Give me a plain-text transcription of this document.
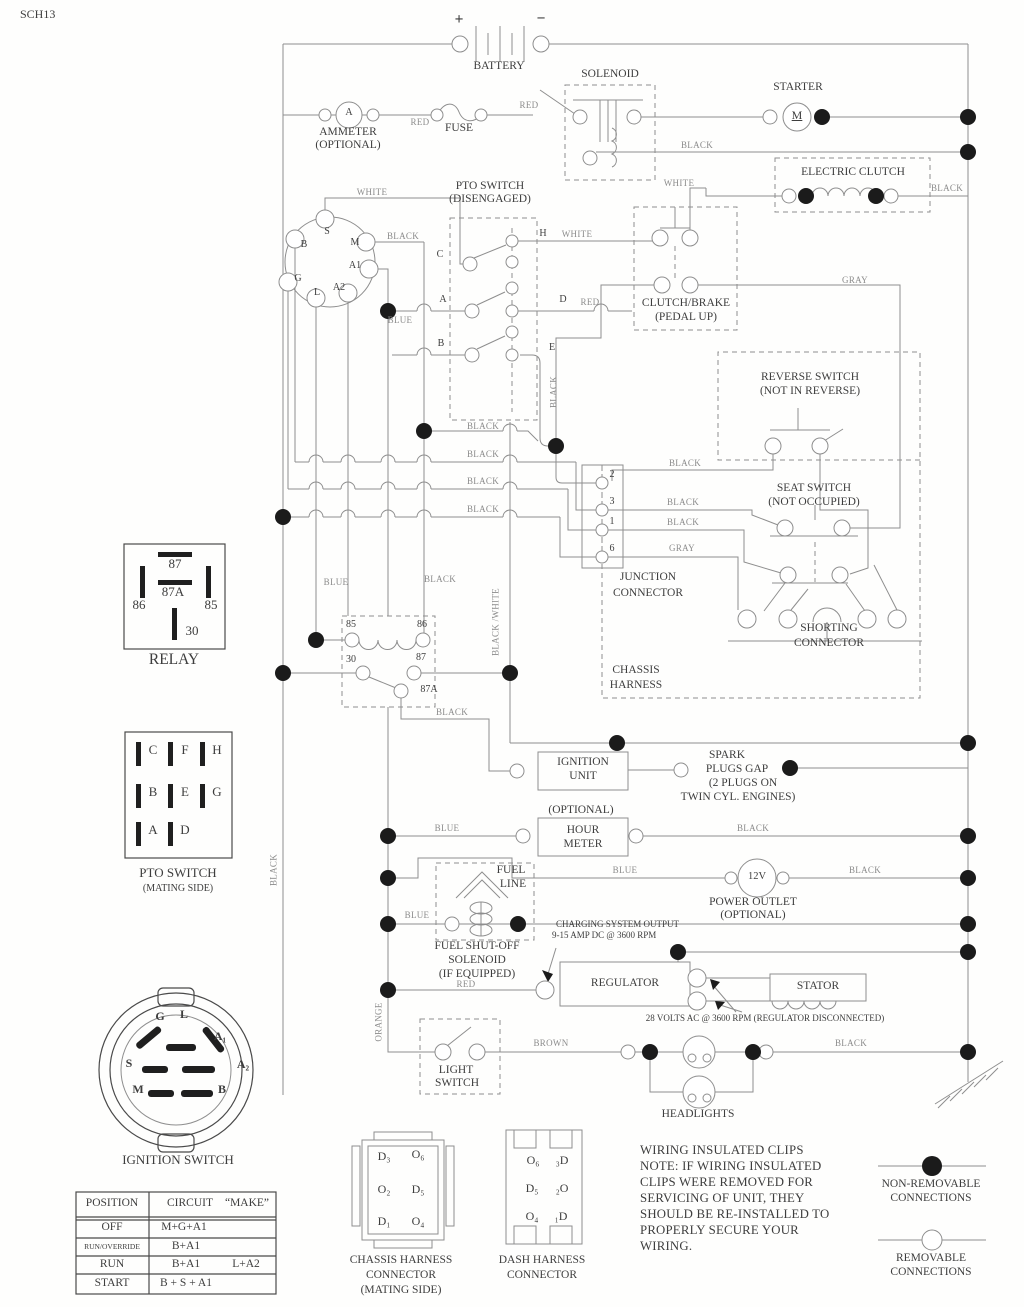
SCH13	+	−
BATTERY
SOLENOID
STARTER
M
A
AMMETER
(OPTIONAL)
FUSE
RED
RED
BLACK
ELECTRIC CLUTCH
BLACK
WHITE
WHITE
BLACK
S
B	M
A1
A2
G
L
PTO SWITCH
(DISENGAGED)
C
H WHITE
A	D RED
BLUE
B	E
BLACK
CLUTCH/BRAKE
(PEDAL UP)
GRAY
REVERSE SWITCH
(NOT IN REVERSE)
SEAT SWITCH
(NOT OCCUPIED)
BLACK
BLACK
BLACK
BLACK
BLACK
BLACK
BLACK
GRAY
2
3
1
6
JUNCTION
CONNECTOR
SHORTING
CONNECTOR
CHASSIS
HARNESS
87
87A
86	85
30
RELAY
85	86
30	87
87A
BLUE	BLACK
BLACK /WHITE
BLACK
BLACK
C F H
B E G
A D
PTO SWITCH
(MATING SIDE)
IGNITION
UNIT
SPARK
PLUGS GAP
(2 PLUGS ON
TWIN CYL. ENGINES)
(OPTIONAL)
HOUR
METER
BLUE	BLACK
12V
BLUE	BLACK
POWER OUTLET
(OPTIONAL)
FUEL
LINE
BLUE
FUEL SHUT-OFF
SOLENOID
(IF EQUIPPED)
RED
CHARGING SYSTEM OUTPUT
9-15 AMP DC @ 3600 RPM
REGULATOR	STATOR
28 VOLTS AC @ 3600 RPM (REGULATOR DISCONNECTED)
LIGHT
SWITCH
ORANGE
BROWN	BLACK
HEADLIGHTS
G L
A₁
A₂
S
M	B
IGNITION SWITCH
POSITION	CIRCUIT “MAKE”
OFF	M+G+A1
RUN/OVERRIDE	B+A1
RUN	B+A1	L+A2
START	B + S + A1
D₃ O₆
O₂ D₅
D₁ O₄
CHASSIS HARNESS
CONNECTOR
(MATING SIDE)
O₆ ₃D
D₅ ₂O
O₄ ₁D
DASH HARNESS
CONNECTOR
WIRING INSULATED CLIPS
NOTE: IF WIRING INSULATED
CLIPS WERE REMOVED FOR
SERVICING OF UNIT, THEY
SHOULD BE RE-INSTALLED TO
PROPERLY SECURE YOUR
WIRING.
NON-REMOVABLE
CONNECTIONS
REMOVABLE
CONNECTIONS
